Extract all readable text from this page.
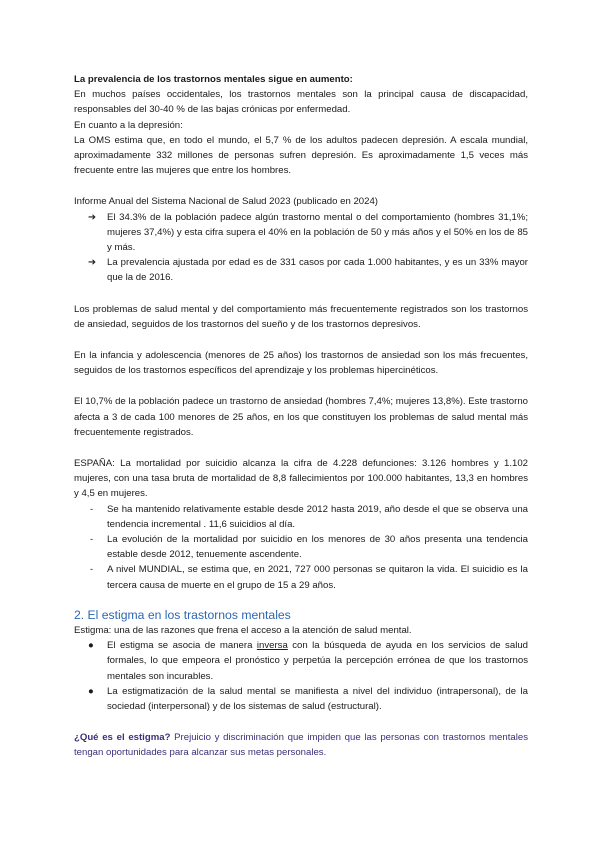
La prevalencia de los trastornos mentales sigue en aumento:

En muchos países occidentales, los trastornos mentales son la principal causa de discapacidad, responsables del 30-40 % de las bajas crónicas por enfermedad.

En cuanto a la depresión:

La OMS estima que, en todo el mundo, el 5,7 % de los adultos padecen depresión. A escala mundial, aproximadamente 332 millones de personas sufren depresión. Es aproximadamente 1,5 veces más frecuente entre las mujeres que entre los hombres.

Informe Anual del Sistema Nacional de Salud 2023 (publicado en 2024)

➔ El 34.3% de la población padece algún trastorno mental o del comportamiento (hombres 31,1%; mujeres 37,4%) y esta cifra supera el 40% en la población de 50 y más años y el 50% en los de 85 y más.
➔ La prevalencia ajustada por edad es de 331 casos por cada 1.000 habitantes, y es un 33% mayor que la de 2016.

Los problemas de salud mental y del comportamiento más frecuentemente registrados son los trastornos de ansiedad, seguidos de los trastornos del sueño y de los trastornos depresivos.

En la infancia y adolescencia (menores de 25 años) los trastornos de ansiedad son los más frecuentes, seguidos de los trastornos específicos del aprendizaje y los problemas hipercinéticos.

El 10,7% de la población padece un trastorno de ansiedad (hombres 7,4%; mujeres 13,8%). Este trastorno afecta a 3 de cada 100 menores de 25 años, en los que constituyen los problemas de salud mental más frecuentemente registrados.

ESPAÑA: La mortalidad por suicidio alcanza la cifra de 4.228 defunciones: 3.126 hombres y 1.102 mujeres, con una tasa bruta de mortalidad de 8,8 fallecimientos por 100.000 habitantes, 13,3 en hombres y 4,5 en mujeres.

- Se ha mantenido relativamente estable desde 2012 hasta 2019, año desde el que se observa una tendencia incremental . 11,6 suicidios al día.
- La evolución de la mortalidad por suicidio en los menores de 30 años presenta una tendencia estable desde 2012, tenuemente ascendente.
- A nivel MUNDIAL, se estima que, en 2021, 727 000 personas se quitaron la vida. El suicidio es la tercera causa de muerte en el grupo de 15 a 29 años.

2. El estigma en los trastornos mentales

Estigma: una de las razones que frena el acceso a la atención de salud mental.

● El estigma se asocia de manera inversa con la búsqueda de ayuda en los servicios de salud formales, lo que empeora el pronóstico y perpetúa la percepción errónea de que los trastornos mentales son incurables.
● La estigmatización de la salud mental se manifiesta a nivel del individuo (intrapersonal), de la sociedad (interpersonal) y de los sistemas de salud (estructural).

¿Qué es el estigma? Prejuicio y discriminación que impiden que las personas con trastornos mentales tengan oportunidades para alcanzar sus metas personales.
